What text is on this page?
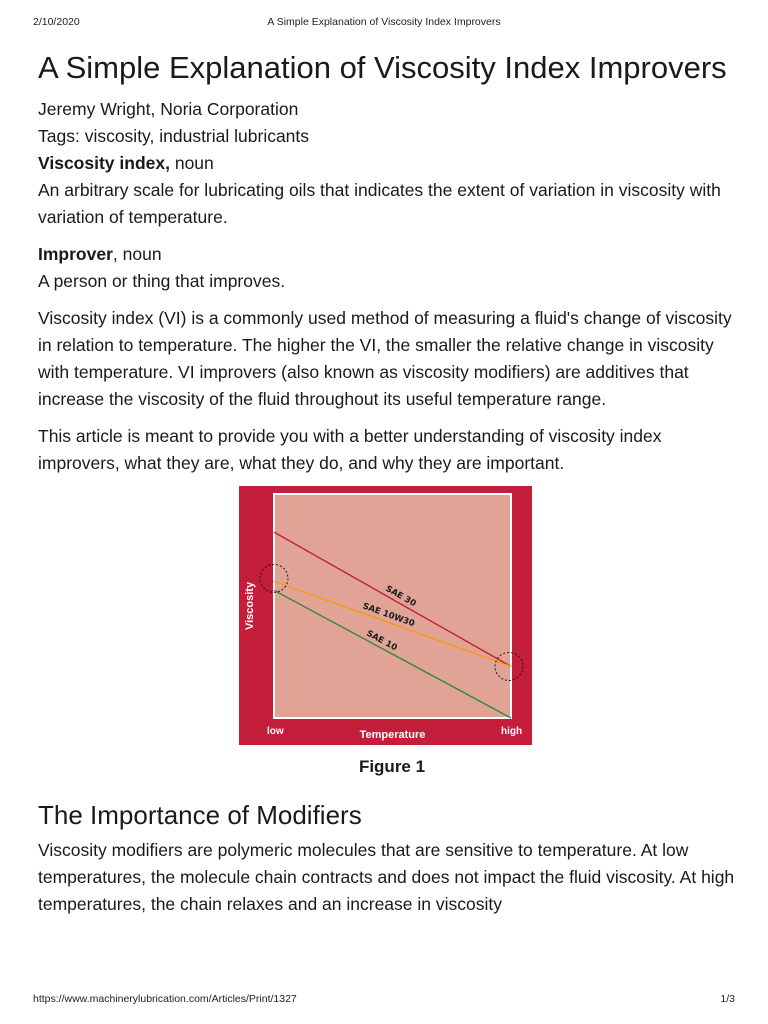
2/10/2020	A Simple Explanation of Viscosity Index Improvers
A Simple Explanation of Viscosity Index Improvers

Jeremy Wright, Noria Corporation

Tags: viscosity, industrial lubricants

Viscosity index, noun

An arbitrary scale for lubricating oils that indicates the extent of variation in viscosity with variation of temperature.

Improver, noun

A person or thing that improves.

Viscosity index (VI) is a commonly used method of measuring a fluid's change of viscosity in relation to temperature. The higher the VI, the smaller the relative change in viscosity with temperature. VI improvers (also known as viscosity modifiers) are additives that increase the viscosity of the fluid throughout its useful temperature range.

This article is meant to provide you with a better understanding of viscosity index improvers, what they are, what they do, and why they are important.

SAE 30
SAE 10W30
SAE 10
Temperature
Viscosity
low	high
Figure 1
The Importance of Modifiers

Viscosity modifiers are polymeric molecules that are sensitive to temperature. At low temperatures, the molecule chain contracts and does not impact the fluid viscosity. At high temperatures, the chain relaxes and an increase in viscosity

https://www.machinerylubrication.com/Articles/Print/1327	1/3
